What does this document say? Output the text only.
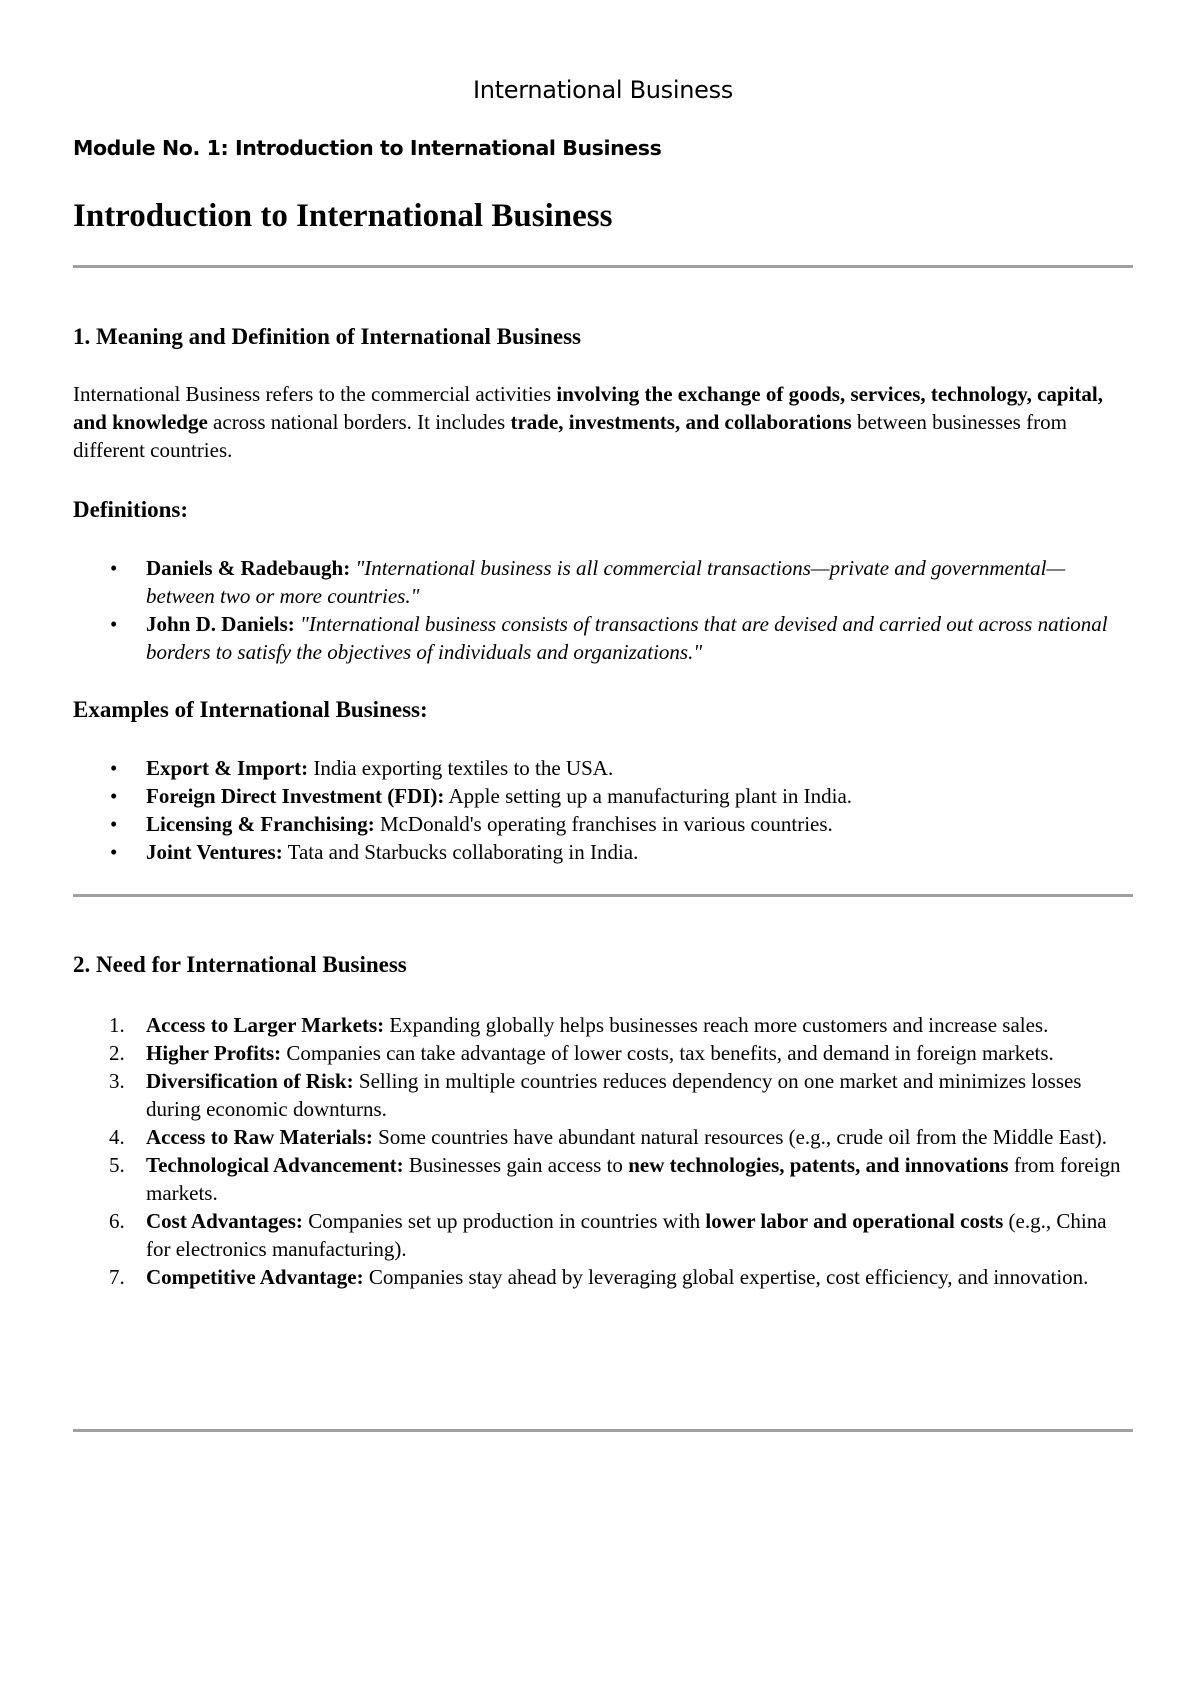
International Business
Module No. 1: Introduction to International Business
Introduction to International Business
1. Meaning and Definition of International Business

International Business refers to the commercial activities involving the exchange of goods, services, technology, capital, and knowledge across national borders. It includes trade, investments, and collaborations between businesses from different countries.

Definitions:
• Daniels & Radebaugh: "International business is all commercial transactions—private and governmental—between two or more countries."
• John D. Daniels: "International business consists of transactions that are devised and carried out across national borders to satisfy the objectives of individuals and organizations."
Examples of International Business:
• Export & Import: India exporting textiles to the USA.
• Foreign Direct Investment (FDI): Apple setting up a manufacturing plant in India.
• Licensing & Franchising: McDonald's operating franchises in various countries.
• Joint Ventures: Tata and Starbucks collaborating in India.
2. Need for International Business
1. Access to Larger Markets: Expanding globally helps businesses reach more customers and increase sales.
2. Higher Profits: Companies can take advantage of lower costs, tax benefits, and demand in foreign markets.
3. Diversification of Risk: Selling in multiple countries reduces dependency on one market and minimizes losses during economic downturns.
4. Access to Raw Materials: Some countries have abundant natural resources (e.g., crude oil from the Middle East).
5. Technological Advancement: Businesses gain access to new technologies, patents, and innovations from foreign markets.
6. Cost Advantages: Companies set up production in countries with lower labor and operational costs (e.g., China for electronics manufacturing).
7. Competitive Advantage: Companies stay ahead by leveraging global expertise, cost efficiency, and innovation.
